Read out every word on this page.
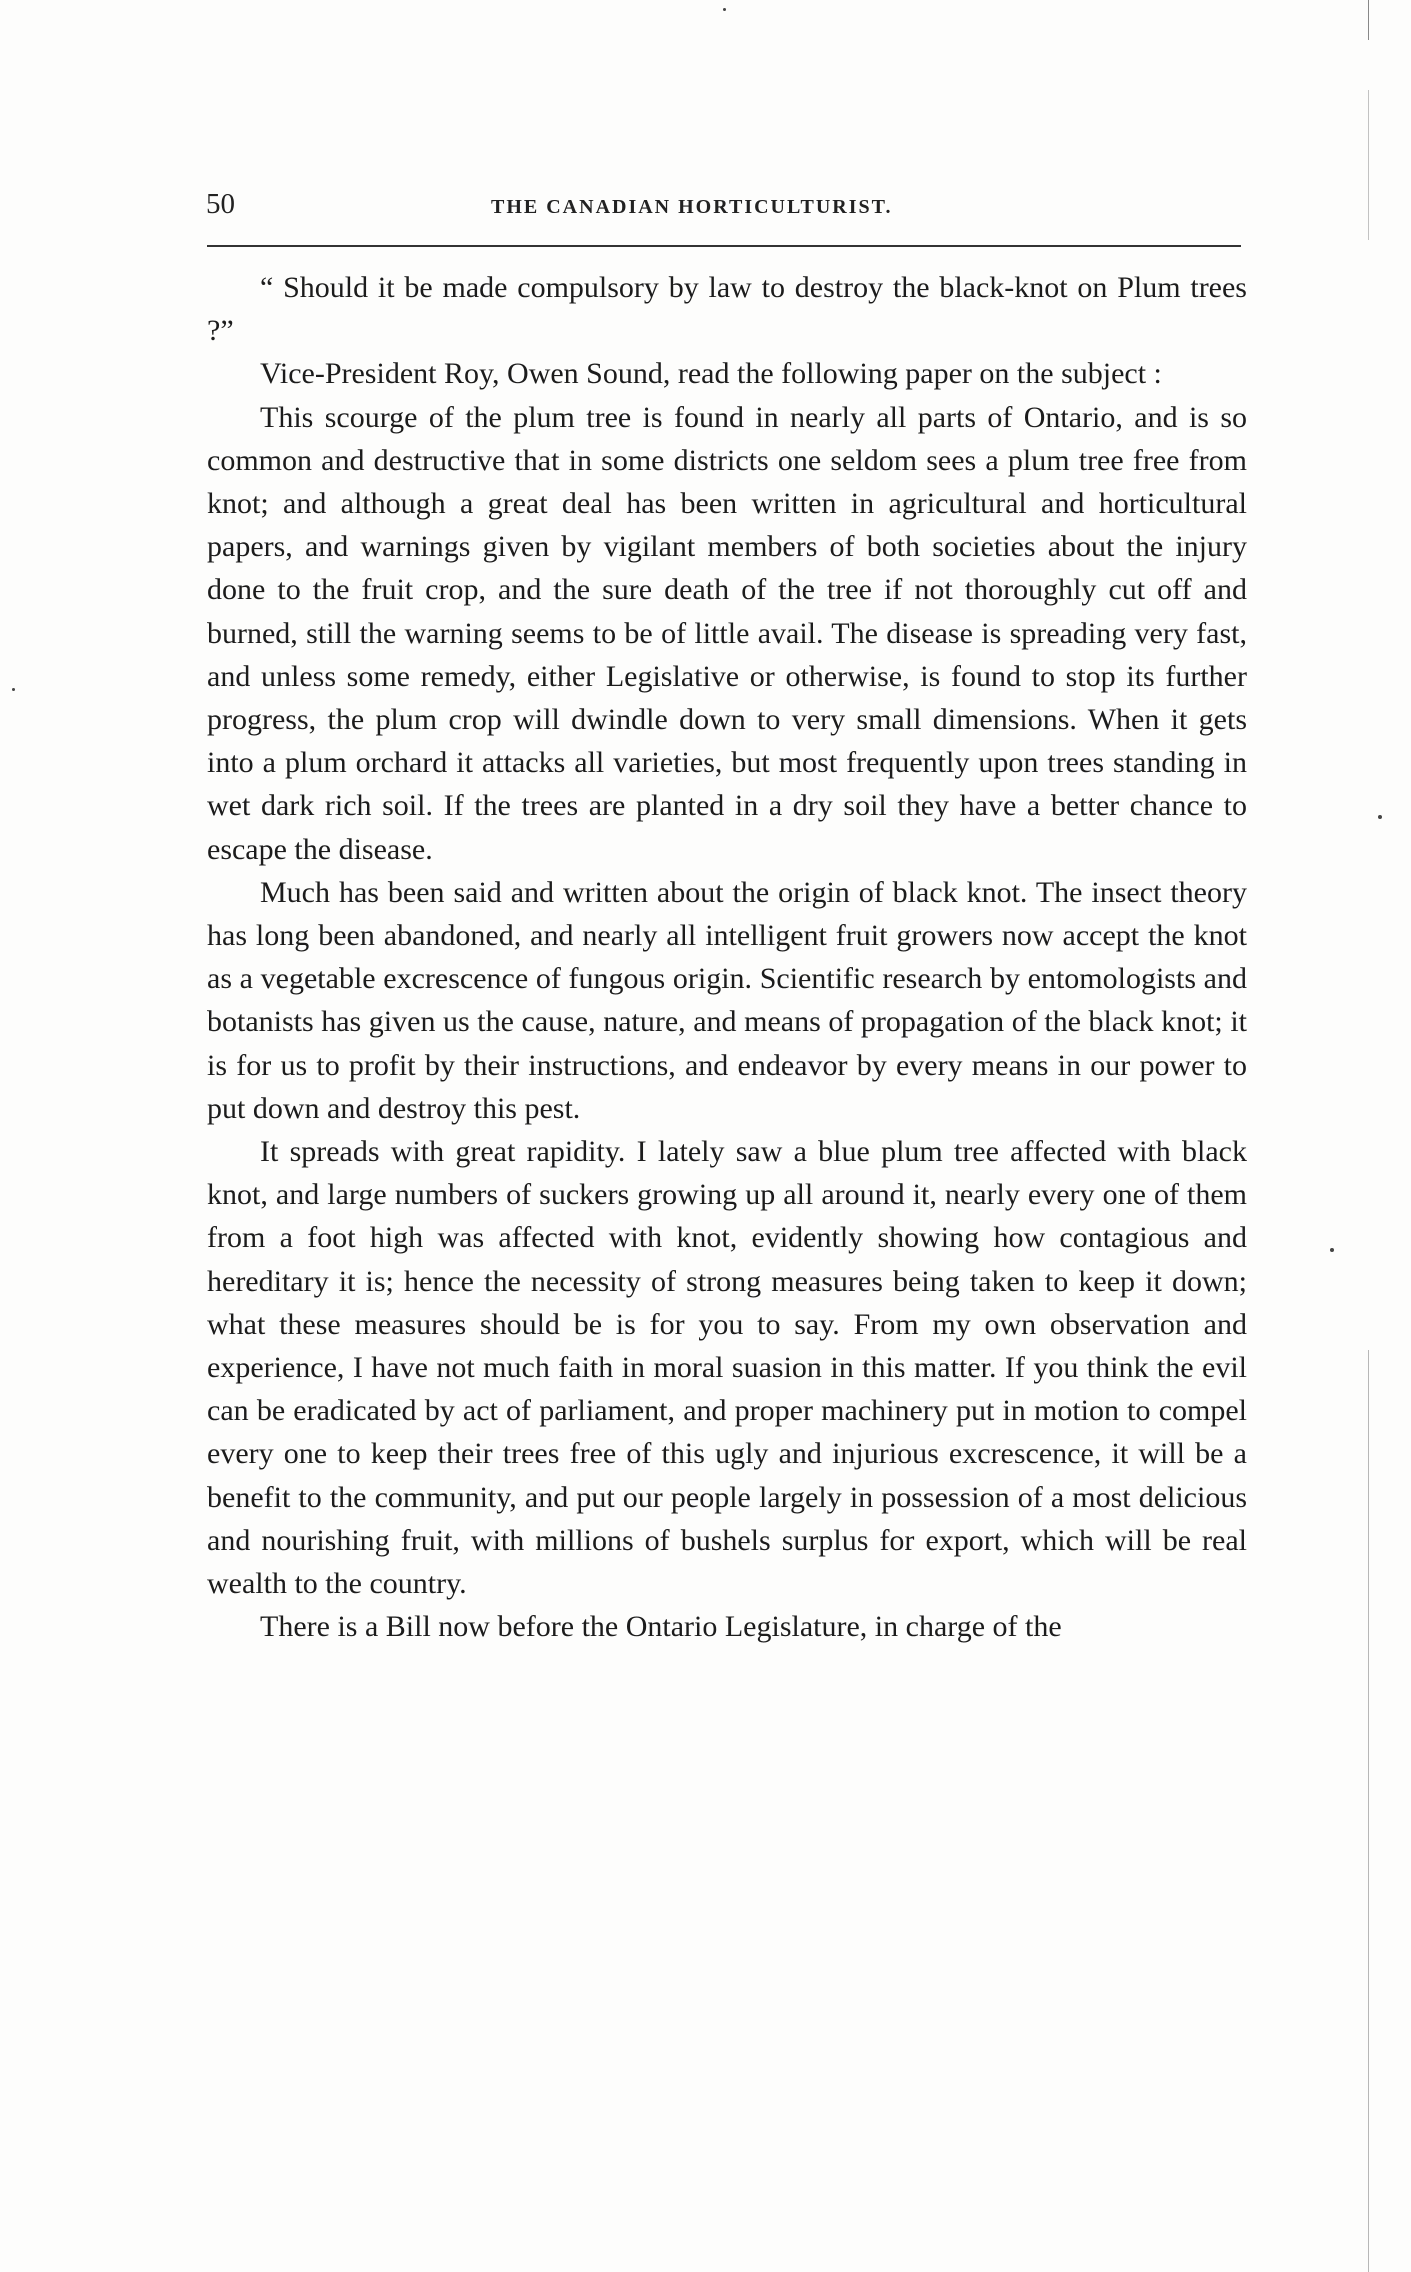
50	THE CANADIAN HORTICULTURIST.

“ Should it be made compulsory by law to destroy the black-knot on Plum trees ?”

Vice-President Roy, Owen Sound, read the following paper on the subject :

This scourge of the plum tree is found in nearly all parts of Ontario, and is so common and destructive that in some districts one seldom sees a plum tree free from knot; and although a great deal has been written in agricultural and horticultural papers, and warnings given by vigilant members of both societies about the injury done to the fruit crop, and the sure death of the tree if not thoroughly cut off and burned, still the warning seems to be of little avail. The disease is spreading very fast, and unless some remedy, either Legislative or otherwise, is found to stop its further progress, the plum crop will dwindle down to very small dimensions. When it gets into a plum orchard it attacks all varieties, but most frequently upon trees standing in wet dark rich soil. If the trees are planted in a dry soil they have a better chance to escape the disease.

Much has been said and written about the origin of black knot. The insect theory has long been abandoned, and nearly all intelligent fruit growers now accept the knot as a vegetable excrescence of fungous origin. Scientific research by entomologists and botanists has given us the cause, nature, and means of propagation of the black knot; it is for us to profit by their instructions, and endeavor by every means in our power to put down and destroy this pest.

It spreads with great rapidity. I lately saw a blue plum tree affected with black knot, and large numbers of suckers growing up all around it, nearly every one of them from a foot high was affected with knot, evidently showing how contagious and hereditary it is; hence the necessity of strong measures being taken to keep it down; what these measures should be is for you to say. From my own observation and experience, I have not much faith in moral suasion in this matter. If you think the evil can be eradicated by act of parliament, and proper machinery put in motion to compel every one to keep their trees free of this ugly and injurious excrescence, it will be a benefit to the community, and put our people largely in possession of a most delicious and nourishing fruit, with millions of bushels surplus for export, which will be real wealth to the country.

There is a Bill now before the Ontario Legislature, in charge of the
